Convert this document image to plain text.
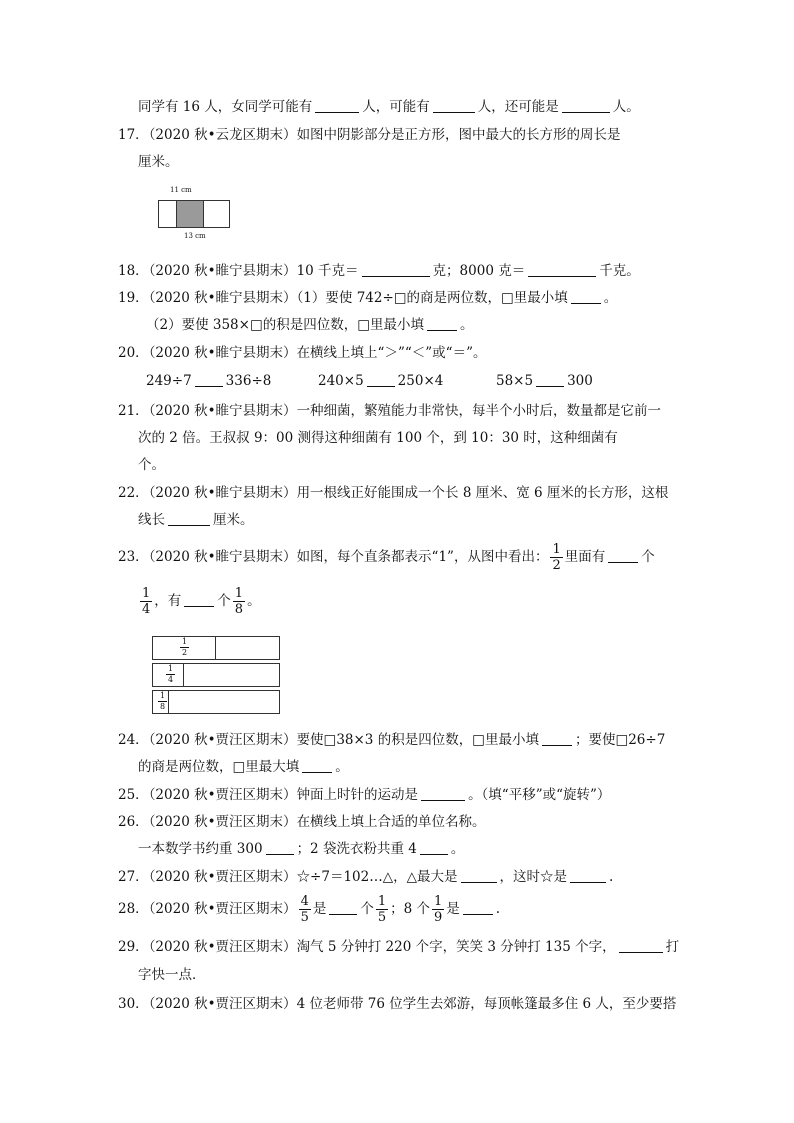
同学有 16 人，女同学可能有	人，可能有	人，还可能是	人。
17．（2020 秋•云龙区期末）如图中阴影部分是正方形，图中最大的长方形的周长是
厘米。
11 cm
13 cm
18．（2020 秋•睢宁县期末）10 千克＝	克；8000 克＝	千克。
19．（2020 秋•睢宁县期末）（1）要使 742÷□的商是两位数，□里最小填	。
（2）要使 358×□的积是四位数，□里最小填	。
20．（2020 秋•睢宁县期末）在横线上填上“＞”“＜”或“＝”。
249÷7	336÷8	240×5	250×4	58×5	300
21．（2020 秋•睢宁县期末）一种细菌，繁殖能力非常快，每半个小时后，数量都是它前一
次的 2 倍。王叔叔 9：00 测得这种细菌有 100 个，到 10：30 时，这种细菌有
个。
22．（2020 秋•睢宁县期末）用一根线正好能围成一个长 8 厘米、宽 6 厘米的长方形，这根
线长	厘米。
23．（2020 秋•睢宁县期末）如图，每个直条都表示“1”，从图中看出： $\frac{1}{2}$ 里面有	个
$\frac{1}{4}$ ，有	个 $\frac{1}{8}$ 。
$\frac{1}{2}$
$\frac{1}{4}$
$\frac{1}{8}$
24．（2020 秋•贾汪区期末）要使□38×3 的积是四位数，□里最小填	；要使□26÷7
的商是两位数，□里最大填	。
25．（2020 秋•贾汪区期末）钟面上时针的运动是	。（填“平移”或“旋转”）
26．（2020 秋•贾汪区期末）在横线上填上合适的单位名称。
一本数学书约重 300	；2 袋洗衣粉共重 4	。
27．（2020 秋•贾汪区期末）☆÷7＝102…△，△最大是	，这时☆是	.
28．（2020 秋•贾汪区期末） $\frac{4}{5}$ 是	个 $\frac{1}{5}$ ；8 个 $\frac{1}{9}$ 是	.
29．（2020 秋•贾汪区期末）淘气 5 分钟打 220 个字，笑笑 3 分钟打 135 个字，	打
字快一点．
30．（2020 秋•贾汪区期末）4 位老师带 76 位学生去郊游，每顶帐篷最多住 6 人，至少要搭
